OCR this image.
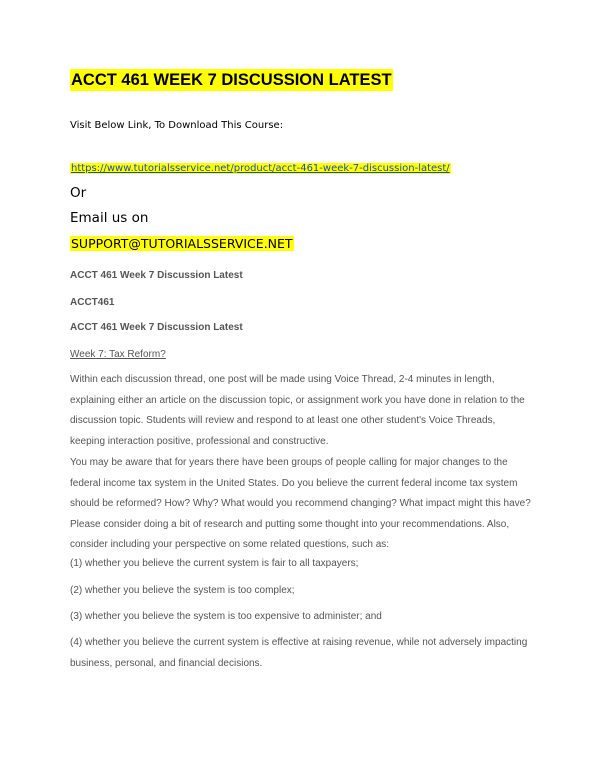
ACCT 461 WEEK 7 DISCUSSION LATEST
Visit Below Link, To Download This Course:
https://www.tutorialsservice.net/product/acct-461-week-7-discussion-latest/
Or
Email us on
SUPPORT@TUTORIALSSERVICE.NET
ACCT 461 Week 7 Discussion Latest
ACCT461
ACCT 461 Week 7 Discussion Latest
Week 7: Tax Reform?

Within each discussion thread, one post will be made using Voice Thread, 2-4 minutes in length, explaining either an article on the discussion topic, or assignment work you have done in relation to the discussion topic. Students will review and respond to at least one other student's Voice Threads, keeping interaction positive, professional and constructive.

You may be aware that for years there have been groups of people calling for major changes to the federal income tax system in the United States. Do you believe the current federal income tax system should be reformed? How? Why? What would you recommend changing? What impact might this have? Please consider doing a bit of research and putting some thought into your recommendations. Also, consider including your perspective on some related questions, such as:

(1) whether you believe the current system is fair to all taxpayers;

(2) whether you believe the system is too complex;

(3) whether you believe the system is too expensive to administer; and

(4) whether you believe the current system is effective at raising revenue, while not adversely impacting business, personal, and financial decisions.
